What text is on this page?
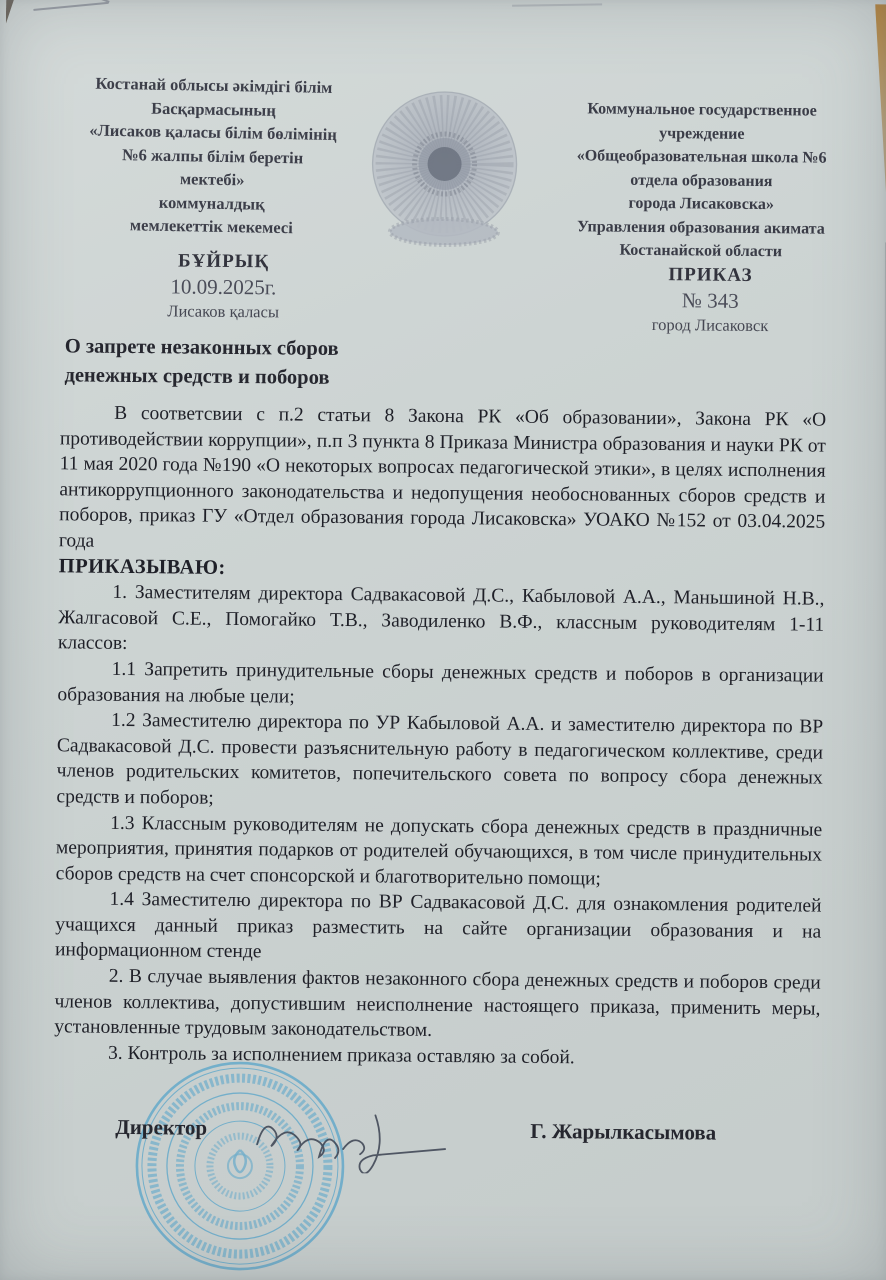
Костанай облысы әкімдігі білім
Басқармасының
«Лисаков қаласы білім бөлімінің
№6 жалпы білім беретін
мектебі»
коммуналдық
мемлекеттік мекемесі
Коммунальное государственное
учреждение
«Общеобразовательная школа №6
отдела образования
города Лисаковска»
Управления образования акимата
Костанайской области
БҰЙРЫҚ
10.09.2025г.
Лисаков қаласы
ПРИКАЗ
№ 343
город Лисаковск
О запрете незаконных сборов
денежных средств и поборов

В соответсвии с п.2 статьи 8 Закона РК «Об образовании», Закона РК «О противодействии коррупции», п.п 3 пункта 8 Приказа Министра образования и науки РК от 11 мая 2020 года №190 «О некоторых вопросах педагогической этики», в целях исполнения антикоррупционного законодательства и недопущения необоснованных сборов средств и поборов, приказ ГУ «Отдел образования города Лисаковска» УОАКО №152 от 03.04.2025 года

ПРИКАЗЫВАЮ:

1. Заместителям директора Садвакасовой Д.С., Кабыловой А.А., Маньшиной Н.В., Жалгасовой С.Е., Помогайко Т.В., Заводиленко В.Ф., классным руководителям 1-11 классов:

1.1 Запретить принудительные сборы денежных средств и поборов в организации образования на любые цели;

1.2 Заместителю директора по УР Кабыловой А.А. и заместителю директора по ВР Садвакасовой Д.С. провести разъяснительную работу в педагогическом коллективе, среди членов родительских комитетов, попечительского совета по вопросу сбора денежных средств и поборов;

1.3 Классным руководителям не допускать сбора денежных средств в праздничные мероприятия, принятия подарков от родителей обучающихся, в том числе принудительных сборов средств на счет спонсорской и благотворительно помощи;

1.4 Заместителю директора по ВР Садвакасовой Д.С. для ознакомления родителей учащихся данный приказ разместить на сайте организации образования и на информационном стенде

2. В случае выявления фактов незаконного сбора денежных средств и поборов среди членов коллектива, допустившим неисполнение настоящего приказа, применить меры, установленные трудовым законодательством.

3. Контроль за исполнением приказа оставляю за собой.

Директор	Г. Жарылкасымова
